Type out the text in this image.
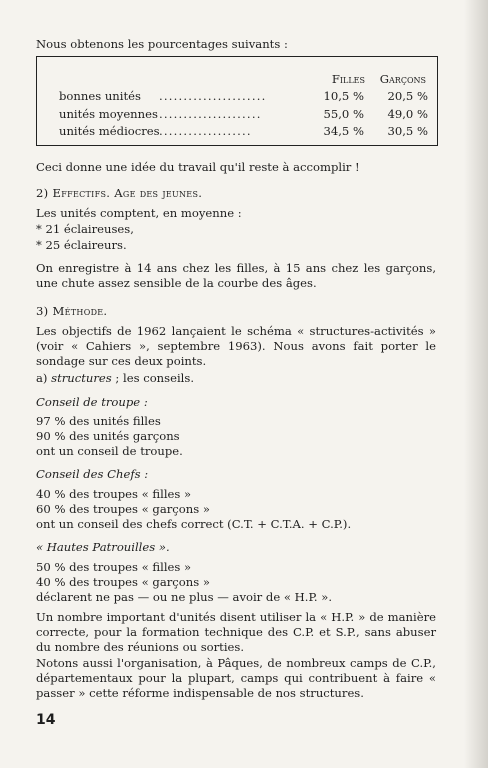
Nous obtenons les pourcentages suivants :
Filles Garçons
bonnes unités ......................	10,5 % 20,5 %
unités moyennes .....................	55,0 % 49,0 %
unités médiocres ...................	34,5 % 30,5 %
Ceci donne une idée du travail qu'il reste à accomplir !
2) Effectifs. Age des jeunes.
Les unités comptent, en moyenne :
* 21 éclaireuses,
* 25 éclaireurs.
On enregistre à 14 ans chez les filles, à 15 ans chez les garçons, une chute assez sensible de la courbe des âges.
3) Méthode.
Les objectifs de 1962 lançaient le schéma « structures-activités » (voir « Cahiers », septembre 1963). Nous avons fait porter le sondage sur ces deux points.
a) structures ; les conseils.
Conseil de troupe :
97 % des unités filles
90 % des unités garçons
ont un conseil de troupe.
Conseil des Chefs :
40 % des troupes « filles »
60 % des troupes « garçons »
ont un conseil des chefs correct (C.T. + C.T.A. + C.P.).
« Hautes Patrouilles ».
50 % des troupes « filles »
40 % des troupes « garçons »
déclarent ne pas — ou ne plus — avoir de « H.P. ».
Un nombre important d'unités disent utiliser la « H.P. » de manière correcte, pour la formation technique des C.P. et S.P., sans abuser du nombre des réunions ou sorties.
Notons aussi l'organisation, à Pâques, de nombreux camps de C.P., départementaux pour la plupart, camps qui contribuent à faire « passer » cette réforme indispensable de nos structures.
14
